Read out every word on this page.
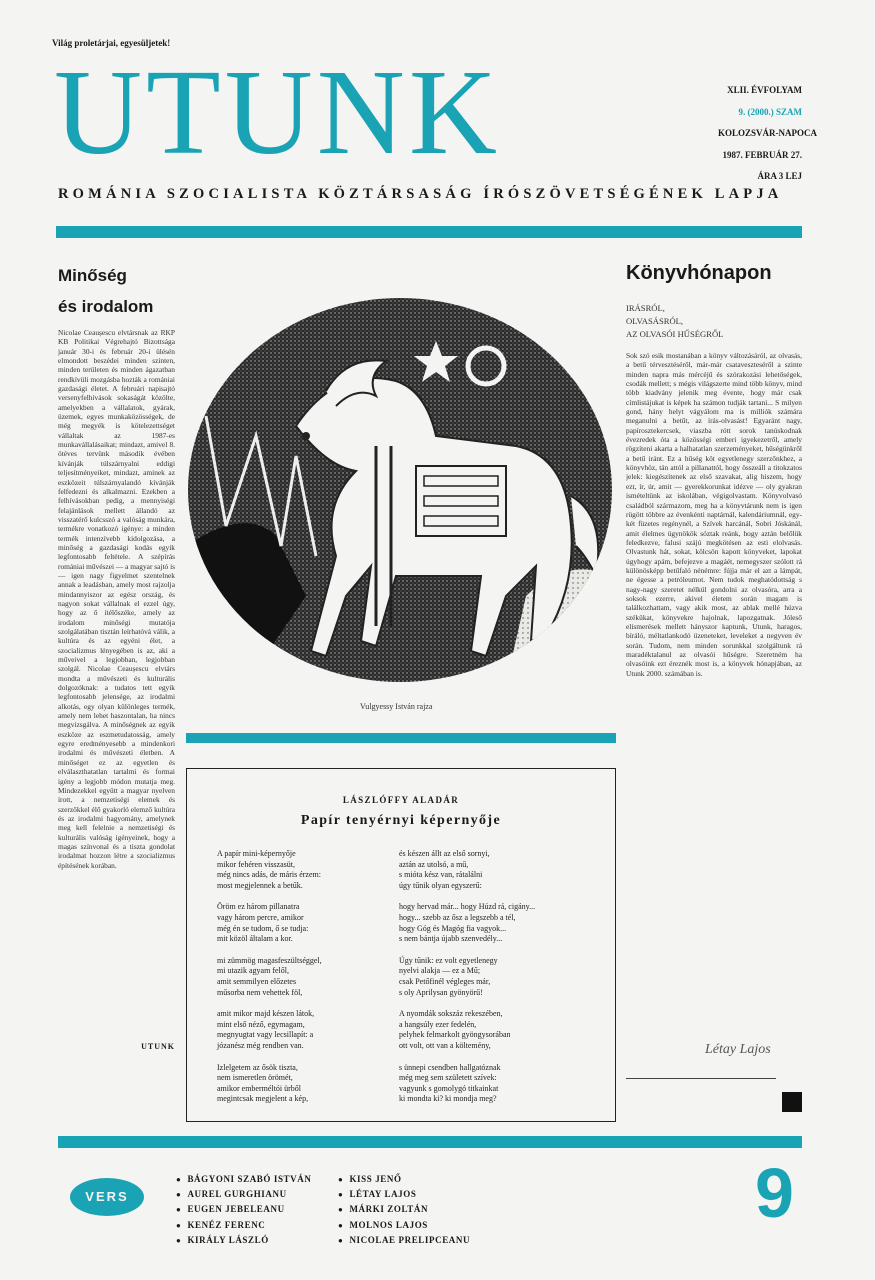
Világ proletárjai, egyesüljetek!
UTUNK	XLII. ÉVFOLYAM
9. (2000.) SZAM
KOLOZSVÁR-NAPOCA
1987. FEBRUÁR 27.
ÁRA 3 LEJ
ROMÁNIA SZOCIALISTA KÖZTÁRSASÁG ÍRÓSZÖVETSÉGÉNEK LAPJA
Minőség
és irodalom
Nicolae Ceaușescu elvtársnak az RKP KB Politikai Végrehajtó Bizottsága január 30-i és február 20-i ülésén elmondott beszédei minden szinten, minden területen és minden ágazatban rendkívüli mozgásba hozták a romániai gazdasági életet. A februári napisajtó versenyfelhívások sokaságát közölte, amelyekben a vállalatok, gyárak, üzemek, egyes munkaközösségek, de még megyék is kötelezettséget vállaltak az 1987-es munkavállalásaikat; mindazt, amivel 8. ötéves tervünk második évében kívánják túlszárnyalni eddigi teljesítményeiket, mindazt, aminek az eszközeit túlszárnyalandó kívánják felfedezni és alkalmazni. Ezekben a felhívásokban pedig, a mennyiségi felajánlások mellett állandó az visszatérő kulcsszó a valóság munkára, termékre vonatkozó igénye: a minden termék intenzívebb kidolgozása, a minőség a gazdasági kodás egyik legfontosabb feltétele. A szépírás romániai művészei — a magyar sajtó is — igen nagy figyelmet szentelnek annak a leadásban, amely most rajzolja mindannyiszor az egész ország, és nagyon sokat vállalnak el ezzel úgy, hogy az ő ítélőszéke, amely az irodalom minőségi mutatója szolgálatában tisztán leírhatóvá válik, a kultúra és az egyéni élet, a szocializmus lényegében is az, aki a műveivel a legjobban, legjobban szolgál. Nicolae Ceaușescu elvtárs mondta a művészeti és kulturális dolgozóknak: a tudatos tett egyik legfontosabb jelensége, az irodalmi alkotás, egy olyan különleges termék, amely nem lehet haszontalan, ha nincs megvizsgálva. A minőségnek az egyik eszköze az eszmetudatosság, amely egyre eredményesebb a mindenkori irodalmi és művészeti életben. A minőséget ez az egyetlen és elválaszthatatlan tartalmi és formai igény a legjobb módon mutatja meg. Mindezekkel együtt a magyar nyelven írott, a nemzetiségi elemek és szerzőkkel élő gyakorló elemző kultúra és az irodalmi hagyomány, amelynek meg kell felelnie a nemzetiségi és kulturális valóság igényeinek, hogy a magas színvonal és a tiszta gondolat irodalmat hozzon létre a szocializmus építésének korában.
UTUNK
Vulgyessy István rajza
Könyvhónapon
IRÁSRÓL,
OLVASÁSRÓL,
AZ OLVASÓI HŰSÉGRŐL
Sok szó esik mostanában a könyv változásáról, az olvasás, a betű térvesztéséről, már-már csataveszteséről a szinte minden napra más mércéjű és szórakozási lehetőségek, csodák mellett; s mégis világszerte mind több könyv, mind több kiadvány jelenik meg évente, hogy már csak címlistájukat is képek ha számon tudják tartani... S milyen gond, hány helyt vágyálom ma is milliók számára meganulni a betűt, az írás-olvasást! Egyaránt nagy, papírosztekercsek, viaszba rótt sorok tanúskodnak évezredek óta a közösségi emberi igyekezetről, amely rögzíteni akarta a halhatatlan szerzeményeket, hűségünkről a betű iránt. Ez a hűség köt egyetlenegy szerzőnkhez, a könyvhöz, tán attól a pillanattól, hogy összeáll a titokzatos jelek: kiegészítenek az első szavakat, alig hiszem, hogy ezt, ír, úr, amit — gyerekkorunkat idézve — oly gyakran ismételtünk az iskolában, végigolvastam. Könyvolvasó családból származom, meg ha a könyvtárunk nem is igen rügött többre az évenkénti naptárnál, kalendáriumnál, egy-két füzetes regénynél, a Szívek harcánál, Sobri Jóskánál, amit élelmes ügynökök sóztak reánk, hogy aztán belőlük feledkezve, falusi szájú megkötésen az esti elolvasás. Olvastunk hát, sokat, kölcsön kapott könyveket, lapokat úgyhogy apám, befejezve a magáét, nemegyszer szólott rá különösképp betűfaló nénémre: fújja már el azt a lámpát, ne égesse a petróleumot. Nem tudok meghatódottság s nagy-nagy szeretet nélkül gondolni az olvasóra, arra a soksok ezerre, akivel életem során magam is találkozhattam, vagy akik most, az ablak mellé húzva székükat, könyvekre hajolnak, lapozgatnak. Jóleső elismerések mellett hányszor kaptunk, Utunk, haragos, bíráló, méltatlankodó üzeneteket, leveleket a negyven év során. Tudom, nem minden sorunkkal szolgáltunk rá maradéktalanul az olvasói hűségre. Szeretném ha olvasóink ezt éreznék most is, a könyvek hónapjában, az Utunk 2000. számában is.
Létay Lajos
LÁSZLÓFFY ALADÁR
Papír tenyérnyi képernyője
A papír mini-képernyője
mikor fehéren visszasüt,
még nincs adás, de máris érzem:
most megjelennek a betűk.
Öröm ez három pillanatra
vagy három percre, amikor
még én se tudom, ő se tudja:
mit közöl általam a kor.
mi zümmög magasfeszültséggel,
mi utazik agyam felől,
amit semmilyen előzetes
műsorba nem vehettek föl,
amit mikor majd készen látok,
mint első néző, egymagam,
megnyugtat vagy lecsillapít: a
józanész még rendben van.
Izlelgetem az ősök tiszta,
nem ismeretlen örömét,
amikor emberméltói ürből
megintcsak megjelent a kép,
és készen állt az első sornyi,
aztán az utolsó, a mű,
s mióta kész van, rátalálni
úgy tűnik olyan egyszerű:
hogy hervad már... hogy Húzd rá, cigány...
hogy... szebb az ősz a legszebb a tél,
hogy Góg és Magóg fia vagyok...
s nem bántja újabb szenvedély...
Úgy tűnik: ez volt egyetlenegy
nyelvi alakja — ez a Mű;
csak Petőfinél végleges már,
s oly Aprilysan gyönyörű!
A nyomdák sokszáz rekeszében,
a hangsúly ezer fedelén,
pelyhek felmarkolt gyöngysorában
ott volt, ott van a költemény,
s ünnepi csendben hallgatóznak
még meg sem született szívek:
vagyunk s gomolygó titkainkat
ki mondta ki? ki mondja meg?
VERS
● BÁGYONI SZABÓ ISTVÁN
● AUREL GURGHIANU
● EUGEN JEBELEANU
● KENÉZ FERENC
● KIRÁLY LÁSZLÓ
● KISS JENŐ
● LÉTAY LAJOS
● MÁRKI ZOLTÁN
● MOLNOS LAJOS
● NICOLAE PRELIPCEANU
9
